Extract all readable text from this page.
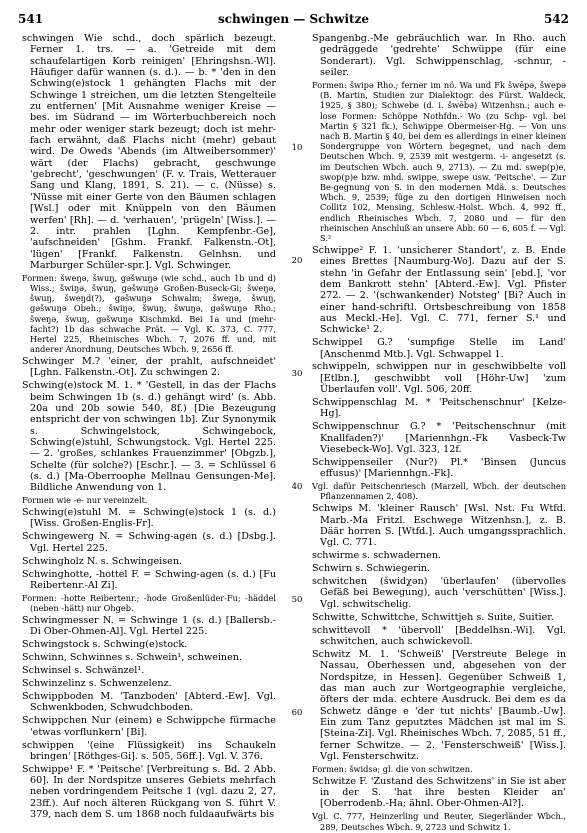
541	schwingen — Schwitze	542

schwingen Wie schd., doch spärlich bezeugt. Ferner 1. trs. — a. 'Getreide mit dem schaufelartigen Korb reinigen' [Ehringshsn.-Wl]. Häufiger dafür wannen (s. d.). — b. * 'den in den Schwing(e)stock 1 gehängten Flachs mit der Schwinge 1 streichen, um die letzten Stengelteile zu entfernen' [Mit Ausnahme weniger Kreise — bes. im Südrand — im Wörterbuchbereich noch mehr oder weniger stark bezeugt; doch ist mehr-fach erwähnt, daß Flachs nicht (mehr) gebaut wird. De Oweds 'Abends (im Altweibersommer)' wärt (der Flachs) gebracht, geschwunge 'gebrecht', 'geschwungen' (F. v. Trais, Wetterauer Sang und Klang, 1891, S. 21). — c. (Nüsse) s. 'Nüsse mit einer Gerte von den Bäumen schlagen [Wsl.] oder mit Knüppeln von den Bäumen werfen' [Rh]. — d. 'verhauen', 'prügeln' [Wiss.]. — 2. intr. prahlen [Lghn. Kempfenbr.-Ge], 'aufschneiden' [Gshm. Frankf. Falkenstn.-Ot], 'lügen' [Frankf. Falkenstn. Gelnhsn. und Marburger Schüler-spr.]. Vgl. Schwinger.

Formen: šweŋə, šwuŋ, gəšwuŋə (wie schd., auch 1b und d) Wiss.; šwiŋə, šwuŋ, gəšwuŋə Großen-Buseck-Gi; šweŋə, šwuŋ, šweŋd(?), gəšwuŋə Schwalm; šweŋə, šwuŋ, gəšwuŋə Obeh.; šwiŋə, šwuŋ, šwuŋə, gəšwuŋə Rho.; šweŋə, šwuŋ, gəšwuŋə Kischmkd. Bei 1a und (mehr-facht?) 1b das schwache Prät. — Vgl. K. 373, C. 777, Hertel 225, Rheinisches Wbch. 7, 2076 ff. und, mit anderer Anordnung, Deutsches Wbch. 9, 2656 ff.

Schwinger M.? 'einer, der prahlt, aufschneidet' [Lghn. Falkenstn.-Ot]. Zu schwingen 2.

Schwing(e)stock M. 1. * 'Gestell, in das der Flachs beim Schwingen 1b (s. d.) gehängt wird' (s. Abb. 20a und 20b sowie 540, 8f.) [Die Bezeugung entspricht der von schwingen 1b]. Zur Synonymik s. Schwingelstock, Schwingebock, Schwing(e)stuhl, Schwungstock. Vgl. Hertel 225. — 2. 'großes, schlankes Frauenzimmer' [Obgzb.], Schelte (für solche?) [Eschr.]. — 3. = Schlüssel 6 (s. d.) [Ma-Oberroophe Mellnau Gensungen-Me]. Bildliche Anwendung von 1.

Formen wie -e- nur vereinzelt.

Schwing(e)stuhl M. = Schwing(e)stock 1 (s. d.) [Wiss. Großen-Englis-Fr].

Schwingewerg N. = Schwing-agen (s. d.) [Dsbg.]. Vgl. Hertel 225.

Schwingholz N. s. Schwingeisen.

Schwinghotte, -hottel F. = Schwing-agen (s. d.) [Fu Reibertenr.-Al Zi].

Formen: -hotte Reibertenr.; -hode Großenlüder-Fu; -häddel (neben -hätt) nur Ohgeb.

Schwingmesser N. = Schwinge 1 (s. d.) [Ballersb.-Di Ober-Ohmen-Al]. Vgl. Hertel 225.

Schwingstock s. Schwing(e)stock.

Schwinn, Schwinnes s. Schwein¹, schweinen.

Schwinsel s. Schwänzel¹.

Schwinzelinz s. Schwenzelenz.

Schwippboden M. 'Tanzboden' [Abterd.-Ew]. Vgl. Schwenkboden, Schwudchboden.

Schwippchen Nur (einem) e Schwippche fürmache 'etwas vorflunkern' [Bi].

schwippen '(eine Flüssigkeit) ins Schaukeln bringen' [Röthges-Gi]. s. 505, 56ff.]. Vgl. V. 376.

Schwippe¹ F. * 'Peitsche' [Verbreitung s. Bd. 2 Abb. 60]. In der Nordspitze unseres Gebiets mehrfach neben vordringendem Peitsche 1 (vgl. dazu 2, 27, 23ff.). Auf noch älteren Rückgang von S. führt V. 379, nach dem S. um 1868 noch fuldaaufwärts bis

Spangenbg.-Me gebräuchlich war. In Rho. auch gedräggede 'gedrehte' Schwüppe (für eine Sonderart). Vgl. Schwippenschlag, -schnur, -seiler.

Formen: šwipə Rho.; ferner im nö. Wa und Fk šwēpə, šwepə (B. Martin, Studien zur Dialektogr. des Fürst. Waldeck, 1925, § 380); Schwebe (d. i. šwēbə) Witzenhsn.; auch e-lose Formen: Schöppe Nothfdn.- Wo (zu Schp- vgl. bei Martin § 321 fk.), Schwippe Obermeiser-Hg. — Von uns nach B. Martin § 40, bei dem es allerdings in einer kleinen Sondergruppe von Wörtern begegnet, und nach dem Deutschen Wbch. 9, 2539 mit westgerm. -i- angesetzt (s. im Deutschen Wbch. auch 9, 2713). — Zu md. swep(p)e, swop(p)e bzw. mhd. swippe, swepe usw. 'Peitsche'. — Zur Be-gegnung von S. in den modernen Mdä. s. Deutsches Wbch. 9, 2539; füge zu den dortigen Hinweisen noch Collitz 102, Mensing, Schlesw.-Holst. Wbch. 4, 992 ff., endlich Rheinisches Wbch. 7, 2080 und — für den rheinischen Anschluß an unsere Abb. 60 — 6, 605 f. — Vgl. S.²

Schwippe² F. 1. 'unsicherer Standort', z. B. Ende eines Brettes [Naumburg-Wo]. Dazu auf der S. stehn 'in Gefahr der Entlassung sein' [ebd.], 'vor dem Bankrott stehn' [Abterd.-Ew]. Vgl. Pfister 272. — 2. '(schwankender) Notsteg' [Bi? Auch in einer hand-schriftl. Ortsbeschreibung von 1858 aus Meckl.-He]. Vgl. C. 771, ferner S.¹ und Schwicke¹ 2.

Schwippel G.? 'sumpfige Stelle im Land' [Anschenmd Mtb.]. Vgl. Schwappel 1.

schwippeln, schwippen nur in geschwibbelte voll [Etlbn.], geschwibbt voll [Höhr-Uw] 'zum Überlaufen voll'. Vgl. 506, 20ff.

Schwippenschlag M. * 'Peitschenschnur' [Kelze-Hg].

Schwippenschnur G.? * 'Peitschenschnur (mit Knallfaden?)' [Mariennhgn.-Fk Vasbeck-Tw Viesebeck-Wo]. Vgl. 323, 12f.

Schwippenseiler (Nur?) Pl.* 'Binsen (Juncus effusus)' [Mariennhgn.-Fk].

Vgl. dafür Peitschenriesch (Marzell, Wbch. der deutschen Pflanzennamen 2, 408).

Schwips M. 'kleiner Rausch' [Wsl. Nst. Fu Wtfd. Marb.-Ma Fritzl. Eschwege Witzenhsn.], z. B. Däär horren S. [Wtfd.]. Auch umgangssprachlich. Vgl. C. 771.

schwirme s. schwadernen.

Schwirn s. Schwiegerin.

schwitchen (šwidχən) 'überlaufen' (übervolles Gefäß bei Bewegung), auch 'verschütten' [Wiss.]. Vgl. schwitschelig.

Schwitte, Schwittche, Schwittjeh s. Suite, Suitier.

schwittevoll * 'übervoll' [Beddelhsn.-Wi]. Vgl. schwitchen, auch schwickevoll.

Schwitz M. 1. 'Schweiß' [Verstreute Belege in Nassau, Oberhessen und, abgesehen von der Nordspitze, in Hessen]. Gegenüber Schweiß 1, das man auch zur Wortgeographie vergleiche, öfters der mda. echtere Ausdruck. Bei dem es da Schwetz dänge e 'der tut nichts' [Baumb.-Uw]. Ein zum Tanz geputztes Mädchen ist mal im S. [Steina-Zi]. Vgl. Rheinisches Wbch. 7, 2085, 51 ff., ferner Schwitze. — 2. 'Fensterschweiß' [Wiss.]. Vgl. Fensterschwitz.

Formen: šwidsə; gl. die von schwitzen.

Schwitze F. 'Zustand des Schwitzens' in Sie ist aber in der S. 'hat ihre besten Kleider an' [Oberrodenb.-Ha; ähnl. Ober-Ohmen-Al?].

Vgl. C. 777, Heinzerling und Reuter, Siegerländer Wbch., 289, Deutsches Wbch. 9, 2723 und Schwitz 1.

10
20
30
40
50
60
